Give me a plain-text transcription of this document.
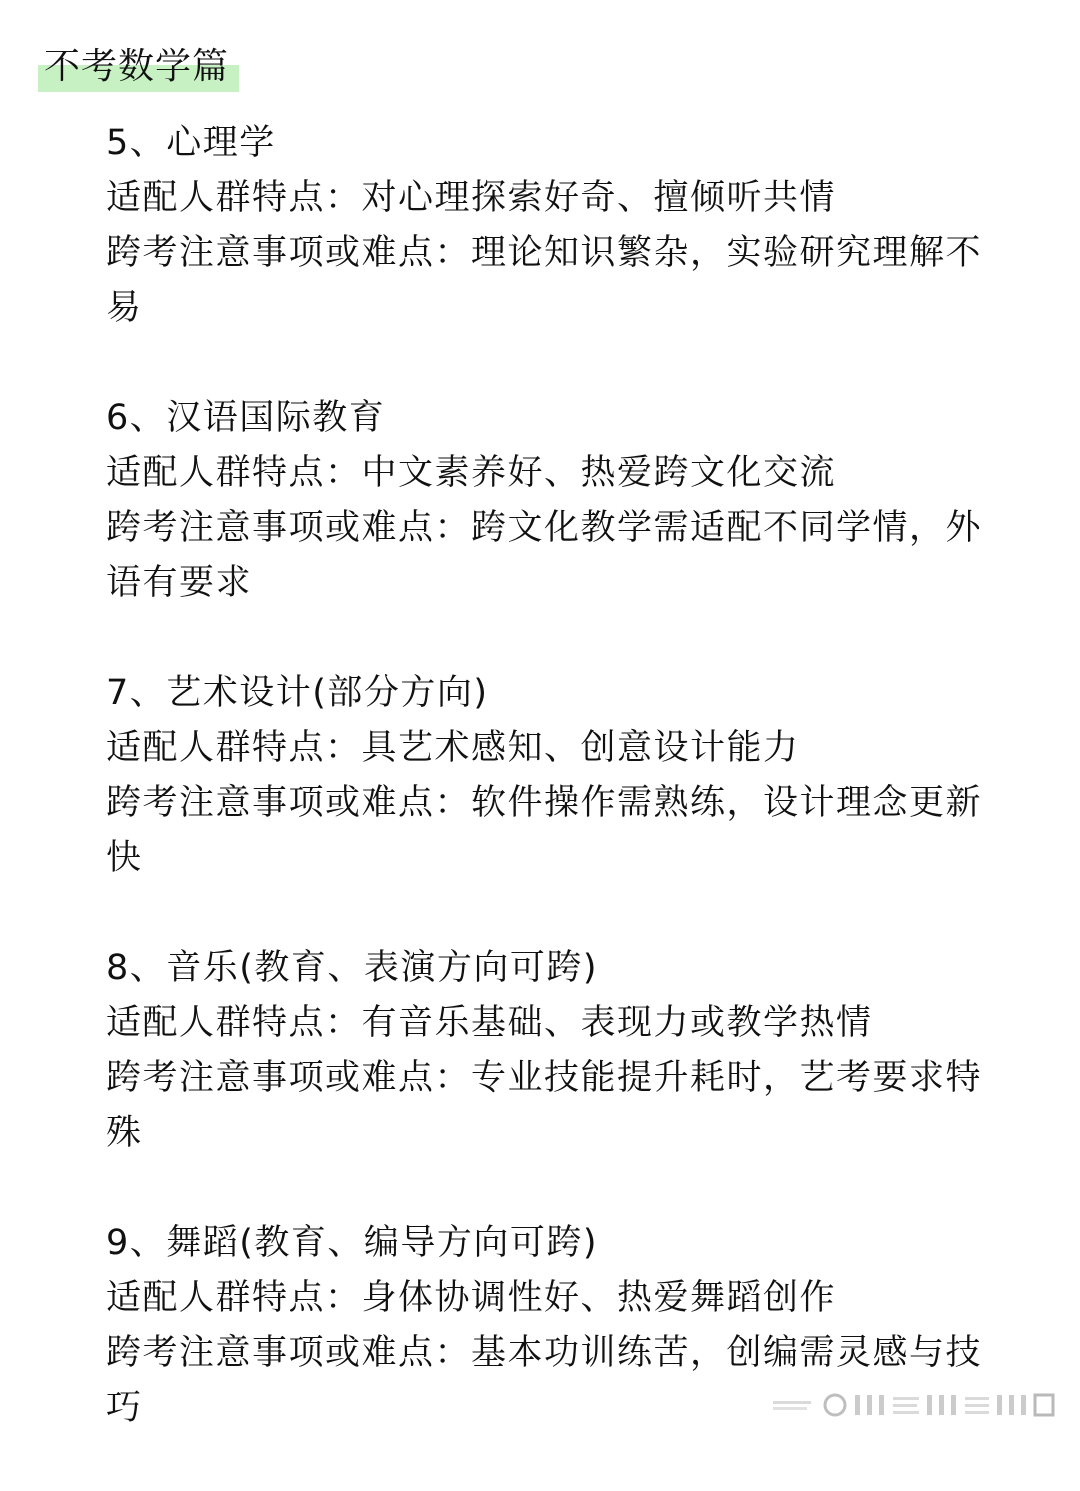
不考数学篇
5、心理学
适配人群特点：对心理探索好奇、擅倾听共情
跨考注意事项或难点：理论知识繁杂，实验研究理解不易
6、汉语国际教育
适配人群特点：中文素养好、热爱跨文化交流
跨考注意事项或难点：跨文化教学需适配不同学情，外语有要求
7、艺术设计(部分方向)
适配人群特点：具艺术感知、创意设计能力
跨考注意事项或难点：软件操作需熟练，设计理念更新快
8、音乐(教育、表演方向可跨)
适配人群特点：有音乐基础、表现力或教学热情
跨考注意事项或难点：专业技能提升耗时，艺考要求特殊
9、舞蹈(教育、编导方向可跨)
适配人群特点：身体协调性好、热爱舞蹈创作
跨考注意事项或难点：基本功训练苦，创编需灵感与技巧
